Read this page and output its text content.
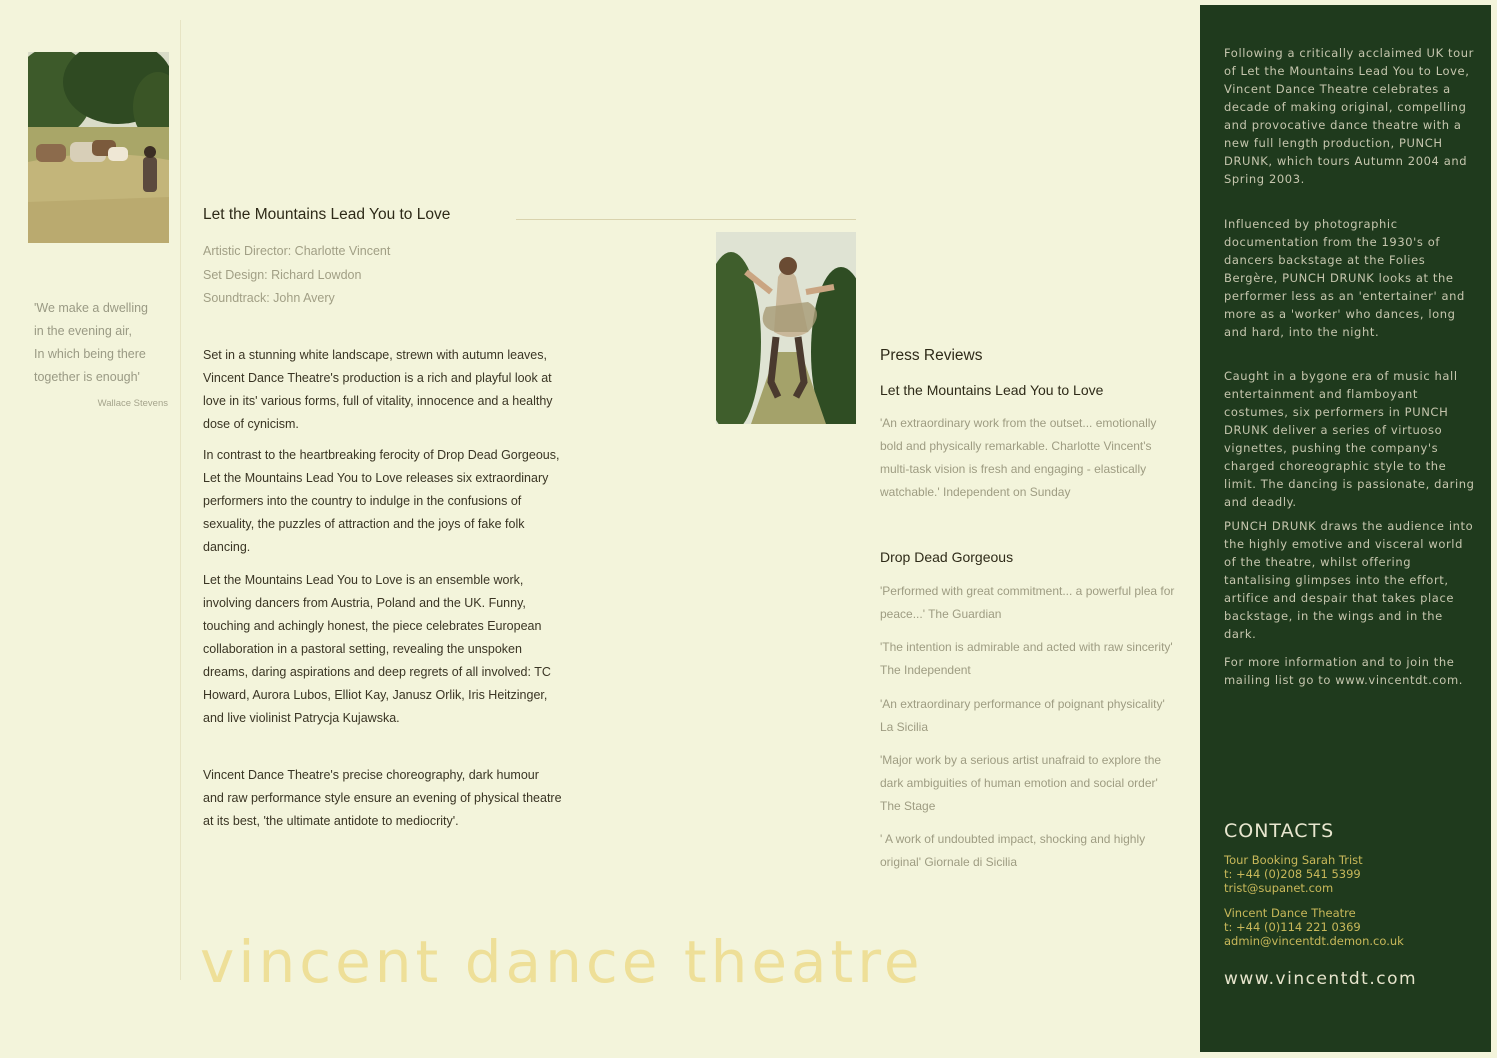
'We make a dwelling

in the evening air,

In which being there

together is enough'

Wallace Stevens
Let the Mountains Lead You to Love
Artistic Director: Charlotte Vincent
Set Design: Richard Lowdon
Soundtrack: John Avery

Set in a stunning white landscape, strewn with autumn leaves, Vincent Dance Theatre's production is a rich and playful look at love in its' various forms, full of vitality, innocence and a healthy dose of cynicism.

In contrast to the heartbreaking ferocity of Drop Dead Gorgeous, Let the Mountains Lead You to Love releases six extraordinary performers into the country to indulge in the confusions of sexuality, the puzzles of attraction and the joys of fake folk dancing.

Let the Mountains Lead You to Love is an ensemble work, involving dancers from Austria, Poland and the UK. Funny, touching and achingly honest, the piece celebrates European collaboration in a pastoral setting, revealing the unspoken dreams, daring aspirations and deep regrets of all involved: TC Howard, Aurora Lubos, Elliot Kay, Janusz Orlik, Iris Heitzinger, and live violinist Patrycja Kujawska.

Vincent Dance Theatre's precise choreography, dark humour and raw performance style ensure an evening of physical theatre at its best, 'the ultimate antidote to mediocrity'.

Press Reviews
Let the Mountains Lead You to Love

'An extraordinary work from the outset... emotionally bold and physically remarkable. Charlotte Vincent's multi-task vision is fresh and engaging - elastically watchable.' Independent on Sunday

Drop Dead Gorgeous

'Performed with great commitment... a powerful plea for peace...' The Guardian

'The intention is admirable and acted with raw sincerity' The Independent

'An extraordinary performance of poignant physicality' La Sicilia

'Major work by a serious artist unafraid to explore the dark ambiguities of human emotion and social order' The Stage

' A work of undoubted impact, shocking and highly original' Giornale di Sicilia

vincent dance theatre

Following a critically acclaimed UK tour of Let the Mountains Lead You to Love, Vincent Dance Theatre celebrates a decade of making original, compelling and provocative dance theatre with a new full length production, PUNCH DRUNK, which tours Autumn 2004 and Spring 2003.

Influenced by photographic documentation from the 1930's of dancers backstage at the Folies Bergère, PUNCH DRUNK looks at the performer less as an 'entertainer' and more as a 'worker' who dances, long and hard, into the night.

Caught in a bygone era of music hall entertainment and flamboyant costumes, six performers in PUNCH DRUNK deliver a series of virtuoso vignettes, pushing the company's charged choreographic style to the limit. The dancing is passionate, daring and deadly.

PUNCH DRUNK draws the audience into the highly emotive and visceral world of the theatre, whilst offering tantalising glimpses into the effort, artifice and despair that takes place backstage, in the wings and in the dark.

For more information and to join the mailing list go to www.vincentdt.com.

CONTACTS
Tour Booking Sarah Trist
t: +44 (0)208 541 5399
trist@supanet.com
Vincent Dance Theatre
t: +44 (0)114 221 0369
admin@vincentdt.demon.co.uk
www.vincentdt.com
